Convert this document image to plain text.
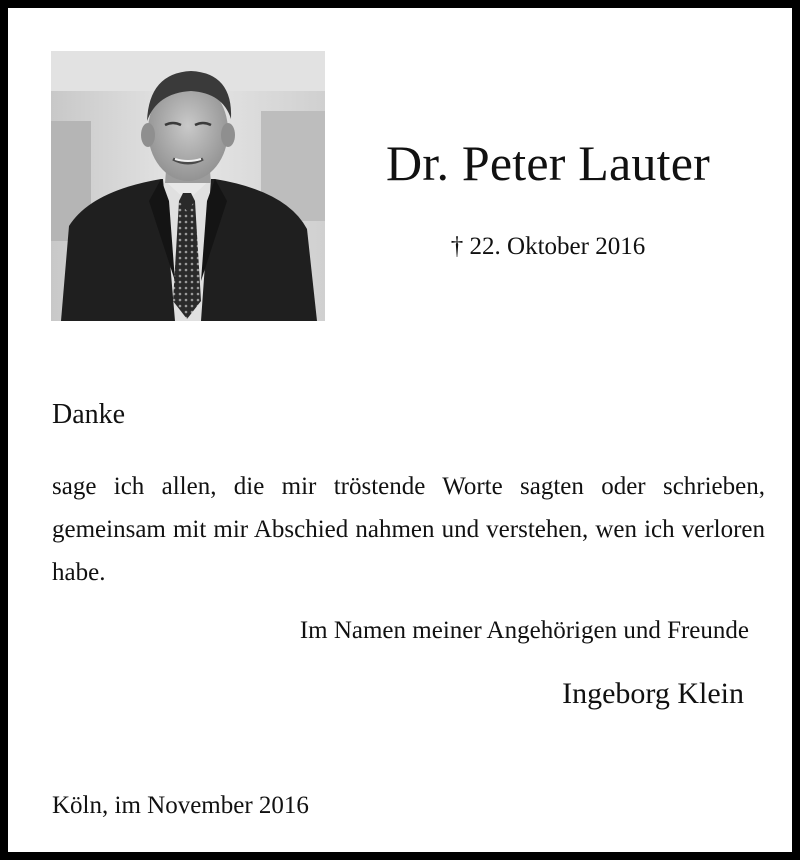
Dr. Peter Lauter
† 22. Oktober 2016
Danke

sage ich allen, die mir tröstende Worte sagten oder schrieben, gemeinsam mit mir Abschied nahmen und verstehen, wen ich verloren habe.

Im Namen meiner Angehörigen und Freunde
Ingeborg Klein
Köln, im November 2016
